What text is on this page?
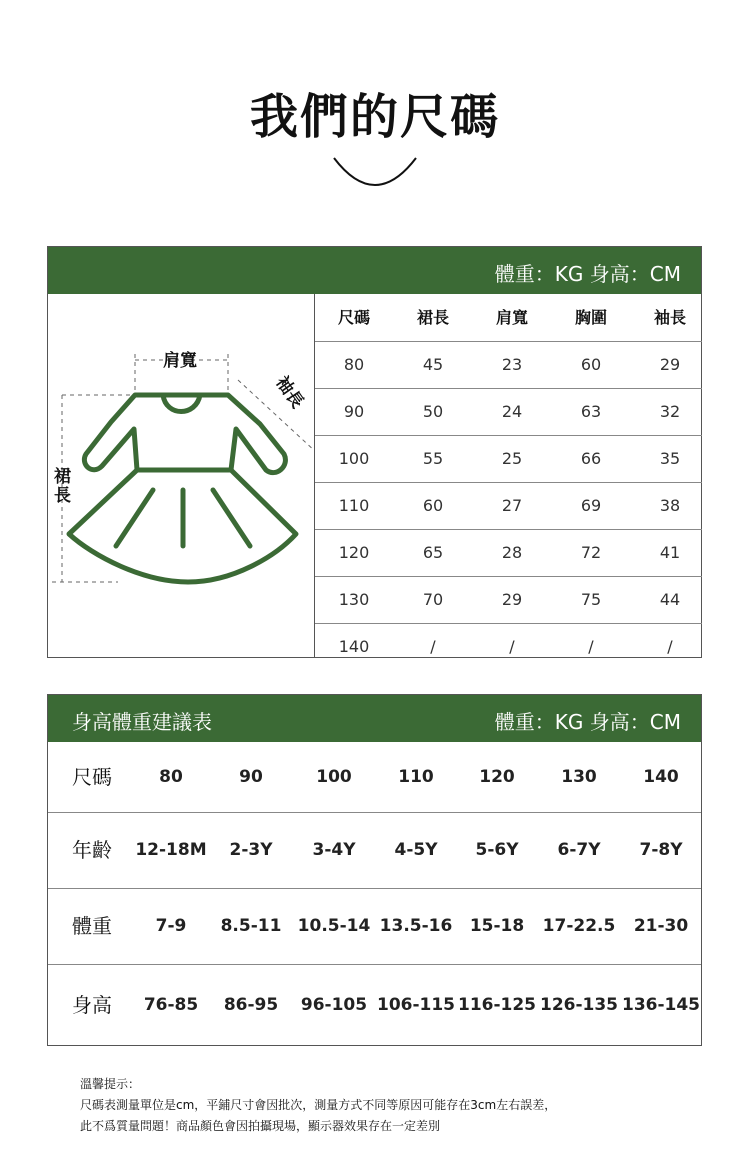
我們的尺碼
體重：KG 身高：CM
肩寬
袖長
裙
長
尺碼	裙長	肩寬	胸圍	袖長
80	45	23	60	29
90	50	24	63	32
100	55	25	66	35
110	60	27	69	38
120	65	28	72	41
130	70	29	75	44
140	/	/	/	/
身高體重建議表	體重：KG 身高：CM
尺碼	80	90	100	110	120	130	140
年齡 12-18M	2-3Y	3-4Y	4-5Y	5-6Y	6-7Y	7-8Y
體重	7-9	8.5-11 10.5-14 13.5-16	15-18	17-22.5	21-30
身高	76-85	86-95	96-105 106-115 116-125 126-135 136-145
溫馨提示：
尺碼表測量單位是cm，平鋪尺寸會因批次，測量方式不同等原因可能存在3cm左右誤差，
此不爲質量問題！商品顏色會因拍攝現場，顯示器效果存在一定差別
